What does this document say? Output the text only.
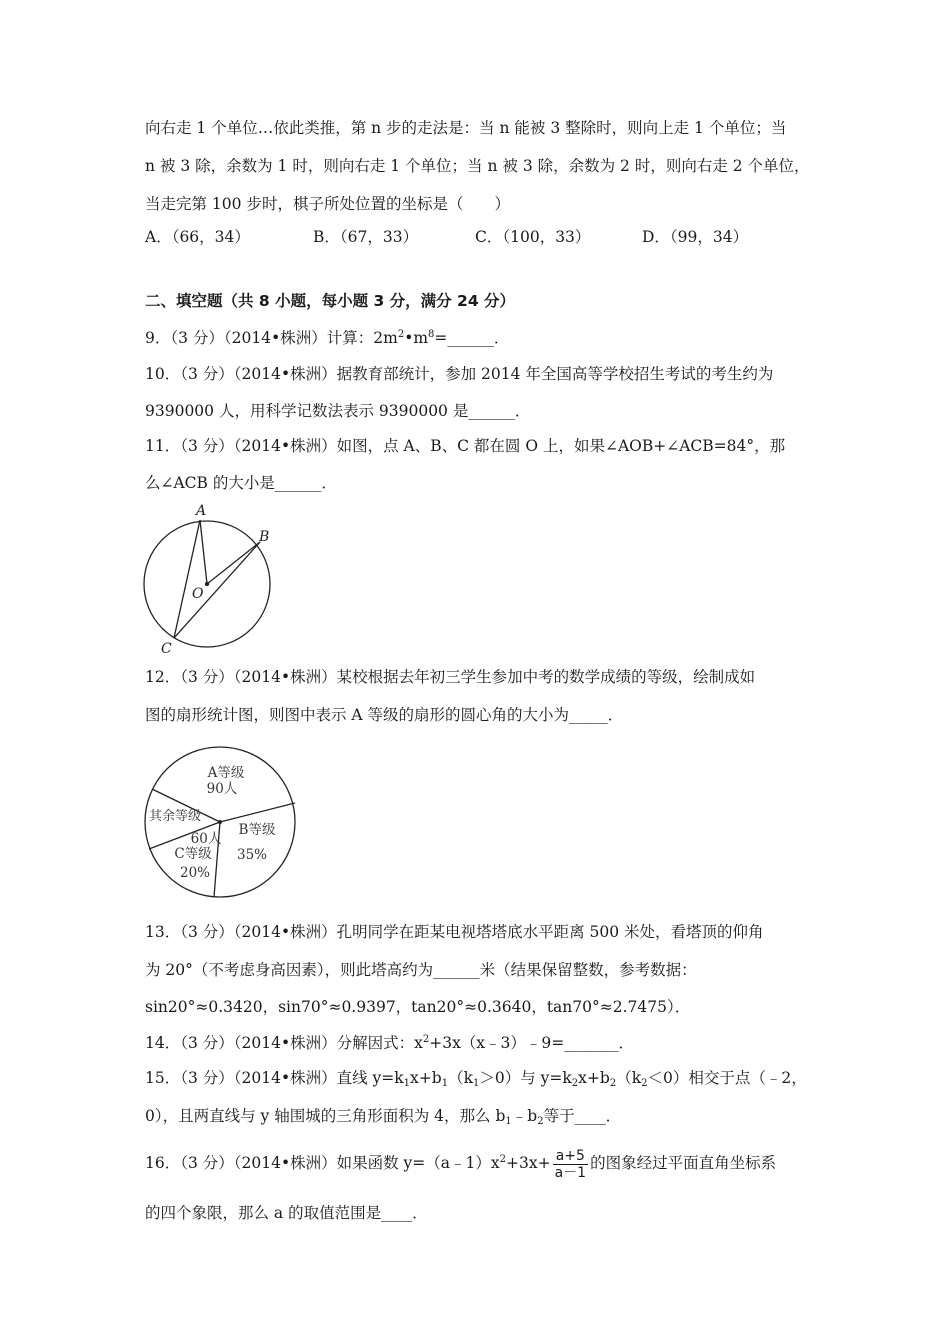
向右走 1 个单位…依此类推，第 n 步的走法是：当 n 能被 3 整除时，则向上走 1 个单位；当
n 被 3 除，余数为 1 时，则向右走 1 个单位；当 n 被 3 除，余数为 2 时，则向右走 2 个单位，
当走完第 100 步时，棋子所处位置的坐标是（　　）
A．（66，34）	B．（67，33）	C．（100，33）	D．（99，34）
二、填空题（共 8 小题，每小题 3 分，满分 24 分）
9．（3 分）（2014•株洲）计算：$2m^2•m^8=\_\_\_\_\_\_$．
10．（3 分）（2014•株洲）据教育部统计，参加 2014 年全国高等学校招生考试的考生约为
9390000 人，用科学记数法表示 9390000 是______．
11．（3 分）（2014•株洲）如图，点 A、B、C 都在圆 O 上，如果∠AOB+∠ACB=84°，那
么∠ACB 的大小是______．
A
B
C
O
12．（3 分）（2014•株洲）某校根据去年初三学生参加中考的数学成绩的等级，绘制成如
图的扇形统计图，则图中表示 A 等级的扇形的圆心角的大小为_____．
A等级
90人
B等级
35%
C等级
20%
其余等级
60人
13．（3 分）（2014•株洲）孔明同学在距某电视塔塔底水平距离 500 米处，看塔顶的仰角
为 20°（不考虑身高因素），则此塔高约为______米（结果保留整数，参考数据：
sin20°≈0.3420，sin70°≈0.9397，tan20°≈0.3640，tan70°≈2.7475）．
14．（3 分）（2014•株洲）分解因式：$x^2+3x(x﹣3)﹣9=\_\_\_\_\_\_\_$．
15．（3 分）（2014•株洲）直线 $y=k_1x+b_1(k_1>0)$与 $y=k_2x+b_2(k_2<0)$相交于点（﹣2，
0），且两直线与 y 轴围城的三角形面积为 4，那么 $b_1﹣b_2$等于____．
16．（3 分）（2014•株洲）如果函数 $y=(a﹣1)x^2+3x+ \frac{a+5}{a-1}$ 的图象经过平面直角坐标系
的四个象限，那么 a 的取值范围是____．
